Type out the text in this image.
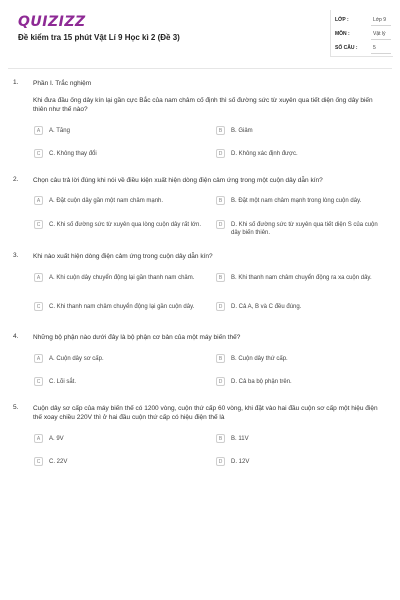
QUIZIZZ
Đề kiểm tra 15 phút Vật Lí 9 Học kì 2 (Đề 3)
LỚP :	Lớp 9
MÔN :	Vật lý
SỐ CÂU :	5
1. Phần I. Trắc nghiệm
Khi đưa đầu ống dây kín lại gần cực Bắc của nam châm cố định thì số đường sức từ xuyên qua tiết diện ống dây biến thiên như thế nào?
A	A. Tăng	B	B. Giảm
C	C. Không thay đổi	D	D. Không xác định được.
2. Chọn câu trả lời đúng khi nói về điều kiện xuất hiện dòng điện cảm ứng trong một cuộn dây dẫn kín?
A	A. Đặt cuộn dây gần một nam châm mạnh.	B	B. Đặt một nam châm mạnh trong lòng cuộn dây.
C	C. Khi số đường sức từ xuyên qua lòng cuộn dây rất lớn.	D	D. Khi số đường sức từ xuyên qua tiết diện S của cuộn dây biến thiên.
3. Khi nào xuất hiện dòng điện cảm ứng trong cuộn dây dẫn kín?
A	A. Khi cuộn dây chuyển động lại gần thanh nam châm.	B	B. Khi thanh nam châm chuyển động ra xa cuộn dây.
C	C. Khi thanh nam châm chuyển động lại gần cuộn dây.	D	D. Cả A, B và C đều đúng.
4. Những bộ phận nào dưới đây là bộ phận cơ bản của một máy biến thế?
A	A. Cuộn dây sơ cấp.	B	B. Cuộn dây thứ cấp.
C	C. Lõi sắt.	D	D. Cả ba bộ phận trên.
5. Cuộn dây sơ cấp của máy biến thế có 1200 vòng, cuộn thứ cấp 60 vòng, khi đặt vào hai đầu cuộn sơ cấp một hiệu điện thế xoay chiều 220V thì ở hai đầu cuộn thứ cấp có hiệu điện thế là
A	A. 9V	B	B. 11V
C	C. 22V	D	D. 12V
